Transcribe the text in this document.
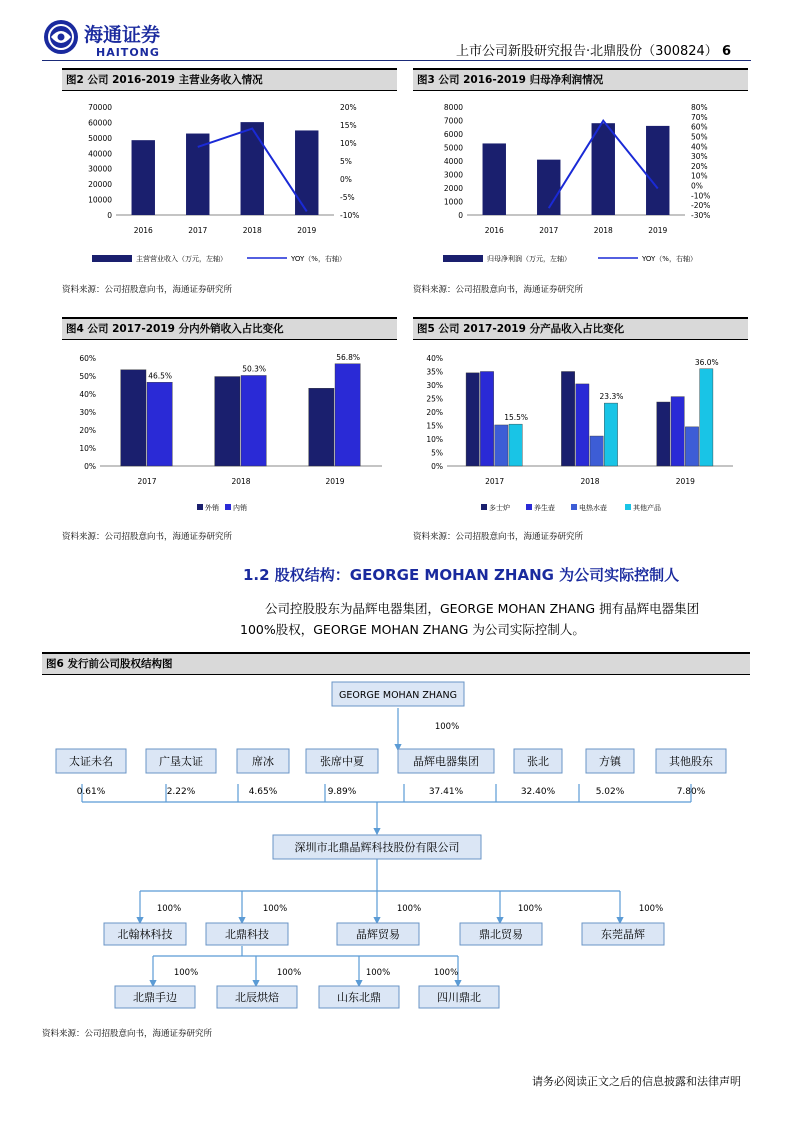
海通证券
HAITONG	上市公司新股研究报告·北鼎股份（300824） 6
图2 公司 2016-2019 主营业务收入情况
0
10000
20000
30000
40000
50000
60000
70000	20%
15%
10%
5%
0%
-5%
-10%
2016	2017	2018	2019
主营营业收入（万元，左轴）	YOY（%，右轴）
资料来源：公司招股意向书，海通证券研究所
图3 公司 2016-2019 归母净利润情况
0
1000
2000
3000
4000
5000
6000
7000
8000	80%
70%
60%
50%
40%
30%
20%
10%
0%
-10%
-20%
-30%
2016	2017	2018	2019
归母净利润（万元，左轴）	YOY（%，右轴）
资料来源：公司招股意向书，海通证券研究所
图4 公司 2017-2019 分内外销收入占比变化
0%
10%
20%
30%
40%
50%
60%
46.5%
50.3%
56.8%
2017	2018	2019
外销 内销
资料来源：公司招股意向书，海通证券研究所
图5 公司 2017-2019 分产品收入占比变化
0%
5%
10%
15%
20%
25%
30%
35%
40%
15.5%
23.3%
36.0%
2017	2018	2019
多士炉	养生壶	电热水壶	其他产品
资料来源：公司招股意向书，海通证券研究所
1.2 股权结构：GEORGE MOHAN ZHANG 为公司实际控制人
公司控股股东为晶辉电器集团，GEORGE MOHAN ZHANG 拥有晶辉电器集团
100%股权，GEORGE MOHAN ZHANG 为公司实际控制人。
图6 发行前公司股权结构图
GEORGE MOHAN ZHANG
100%
太证未名
0.61%
广垦太证
2.22%
席冰
4.65%
张席中夏
9.89%
晶辉电器集团
37.41%
张北
32.40%
方镇
5.02%
其他股东
7.80%
深圳市北鼎晶辉科技股份有限公司
100%
北翰林科技
100%
北鼎科技
100%
晶辉贸易
100%
鼎北贸易
100%
东莞晶辉
100%
北鼎手边
100%
北辰烘焙
100%
山东北鼎
100%
四川鼎北
资料来源：公司招股意向书，海通证券研究所
请务必阅读正文之后的信息披露和法律声明
